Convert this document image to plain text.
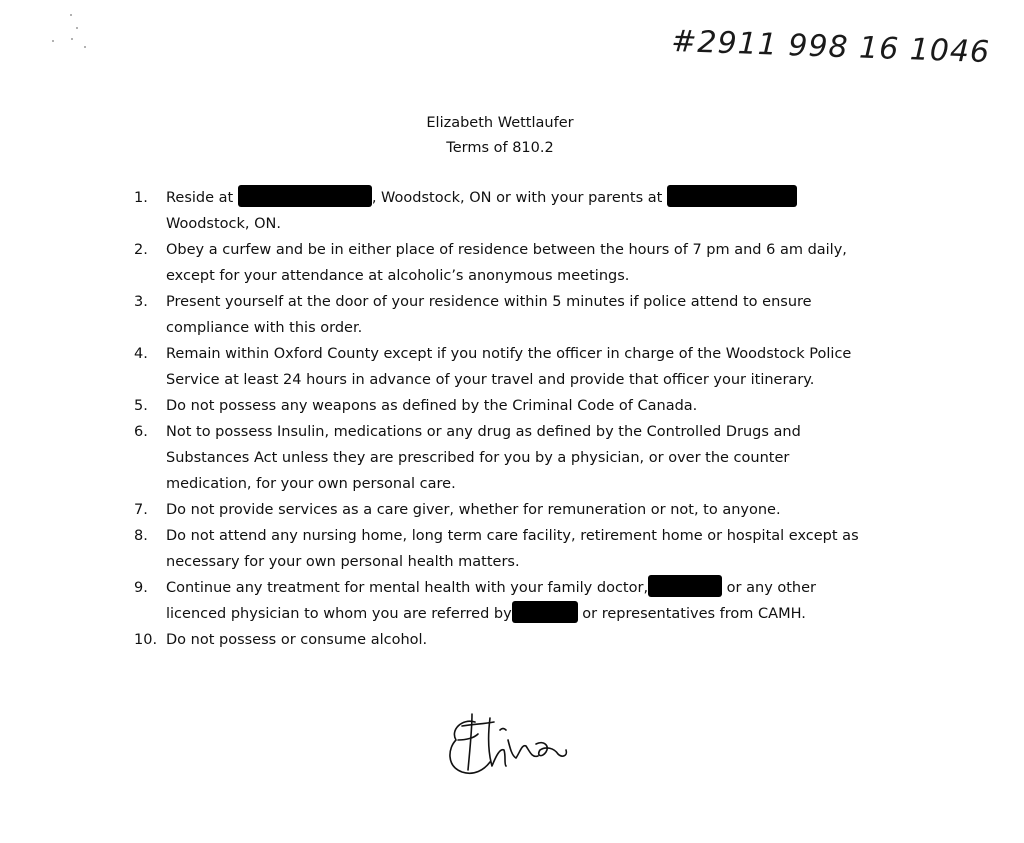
#2911 998 16 1046
Elizabeth Wettlaufer
Terms of 810.2
1. Reside at	, Woodstock, ON or with your parents at
Woodstock, ON.
2. Obey a curfew and be in either place of residence between the hours of 7 pm and 6 am daily,
except for your attendance at alcoholic’s anonymous meetings.
3. Present yourself at the door of your residence within 5 minutes if police attend to ensure
compliance with this order.
4. Remain within Oxford County except if you notify the officer in charge of the Woodstock Police
Service at least 24 hours in advance of your travel and provide that officer your itinerary.
5. Do not possess any weapons as defined by the Criminal Code of Canada.
6. Not to possess Insulin, medications or any drug as defined by the Controlled Drugs and
Substances Act unless they are prescribed for you by a physician, or over the counter
medication, for your own personal care.
7. Do not provide services as a care giver, whether for remuneration or not, to anyone.
8. Do not attend any nursing home, long term care facility, retirement home or hospital except as
necessary for your own personal health matters.
9. Continue any treatment for mental health with your family doctor,	or any other
licenced physician to whom you are referred by	or representatives from CAMH.
10. Do not possess or consume alcohol.
